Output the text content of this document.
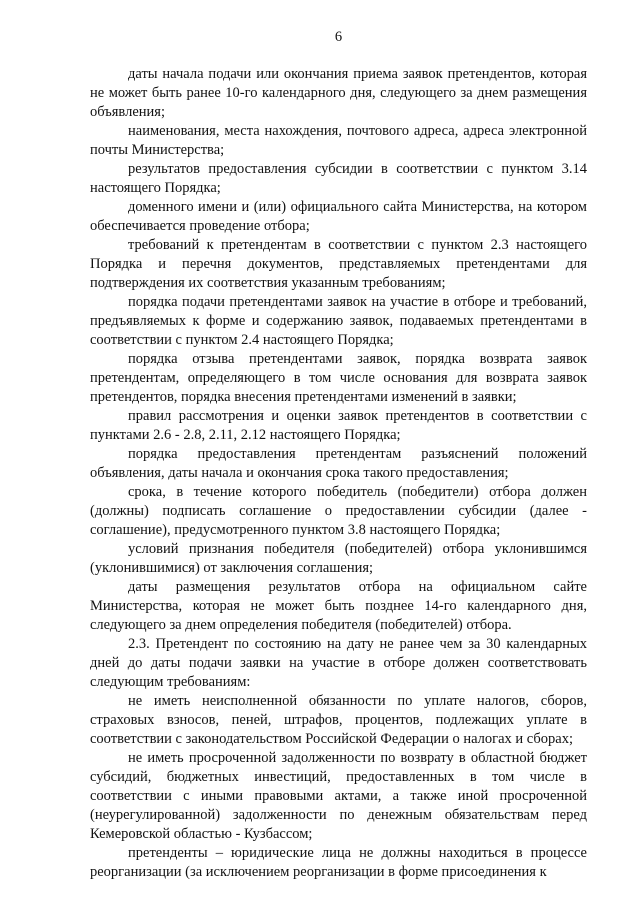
6

даты начала подачи или окончания приема заявок претендентов, которая не может быть ранее 10-го календарного дня, следующего за днем размещения объявления;

наименования, места нахождения, почтового адреса, адреса электронной почты Министерства;

результатов предоставления субсидии в соответствии с пунктом 3.14 настоящего Порядка;

доменного имени и (или) официального сайта Министерства, на котором обеспечивается проведение отбора;

требований к претендентам в соответствии с пунктом 2.3 настоящего Порядка и перечня документов, представляемых претендентами для подтверждения их соответствия указанным требованиям;

порядка подачи претендентами заявок на участие в отборе и требований, предъявляемых к форме и содержанию заявок, подаваемых претендентами в соответствии с пунктом 2.4 настоящего Порядка;

порядка отзыва претендентами заявок, порядка возврата заявок претендентам, определяющего в том числе основания для возврата заявок претендентов, порядка внесения претендентами изменений в заявки;

правил рассмотрения и оценки заявок претендентов в соответствии с пунктами 2.6 - 2.8, 2.11, 2.12 настоящего Порядка;

порядка предоставления претендентам разъяснений положений объявления, даты начала и окончания срока такого предоставления;

срока, в течение которого победитель (победители) отбора должен (должны) подписать соглашение о предоставлении субсидии (далее - соглашение), предусмотренного пунктом 3.8 настоящего Порядка;

условий признания победителя (победителей) отбора уклонившимся (уклонившимися) от заключения соглашения;

даты размещения результатов отбора на официальном сайте Министерства, которая не может быть позднее 14-го календарного дня, следующего за днем определения победителя (победителей) отбора.

2.3. Претендент по состоянию на дату не ранее чем за 30 календарных дней до даты подачи заявки на участие в отборе должен соответствовать следующим требованиям:

не иметь неисполненной обязанности по уплате налогов, сборов, страховых взносов, пеней, штрафов, процентов, подлежащих уплате в соответствии с законодательством Российской Федерации о налогах и сборах;

не иметь просроченной задолженности по возврату в областной бюджет субсидий, бюджетных инвестиций, предоставленных в том числе в соответствии с иными правовыми актами, а также иной просроченной (неурегулированной) задолженности по денежным обязательствам перед Кемеровской областью - Кузбассом;

претенденты – юридические лица не должны находиться в процессе реорганизации (за исключением реорганизации в форме присоединения к
